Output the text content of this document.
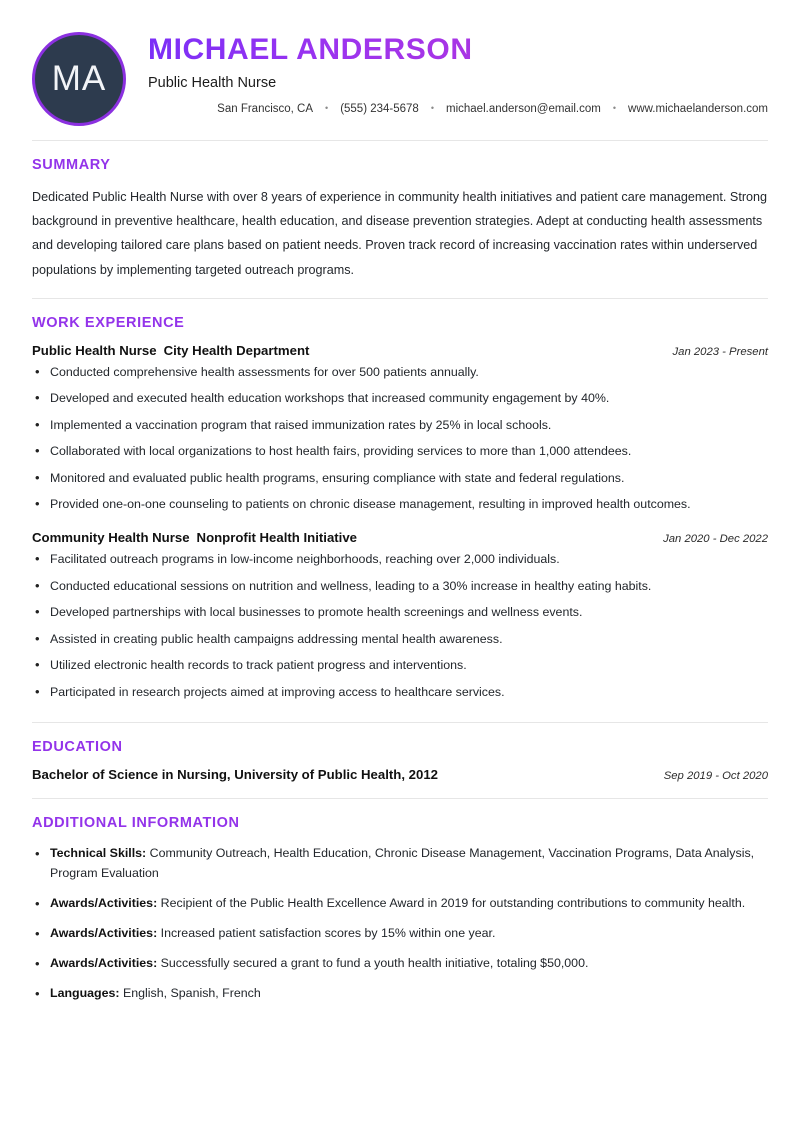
MA
MICHAEL ANDERSON
Public Health Nurse
San Francisco, CA	•	(555) 234-5678	•	michael.anderson@email.com	•	www.michaelanderson.com
SUMMARY

Dedicated Public Health Nurse with over 8 years of experience in community health initiatives and patient care management. Strong background in preventive healthcare, health education, and disease prevention strategies. Adept at conducting health assessments and developing tailored care plans based on patient needs. Proven track record of increasing vaccination rates within underserved populations by implementing targeted outreach programs.

WORK EXPERIENCE
Public Health Nurse City Health Department	Jan 2023 - Present
• Conducted comprehensive health assessments for over 500 patients annually.
• Developed and executed health education workshops that increased community engagement by 40%.
• Implemented a vaccination program that raised immunization rates by 25% in local schools.
• Collaborated with local organizations to host health fairs, providing services to more than 1,000 attendees.
• Monitored and evaluated public health programs, ensuring compliance with state and federal regulations.
• Provided one-on-one counseling to patients on chronic disease management, resulting in improved health outcomes.
Community Health Nurse Nonprofit Health Initiative	Jan 2020 - Dec 2022
• Facilitated outreach programs in low-income neighborhoods, reaching over 2,000 individuals.
• Conducted educational sessions on nutrition and wellness, leading to a 30% increase in healthy eating habits.
• Developed partnerships with local businesses to promote health screenings and wellness events.
• Assisted in creating public health campaigns addressing mental health awareness.
• Utilized electronic health records to track patient progress and interventions.
• Participated in research projects aimed at improving access to healthcare services.
EDUCATION
Bachelor of Science in Nursing, University of Public Health, 2012	Sep 2019 - Oct 2020
ADDITIONAL INFORMATION
• Technical Skills: Community Outreach, Health Education, Chronic Disease Management, Vaccination Programs, Data Analysis, Program Evaluation
• Awards/Activities: Recipient of the Public Health Excellence Award in 2019 for outstanding contributions to community health.
• Awards/Activities: Increased patient satisfaction scores by 15% within one year.
• Awards/Activities: Successfully secured a grant to fund a youth health initiative, totaling $50,000.
• Languages: English, Spanish, French
